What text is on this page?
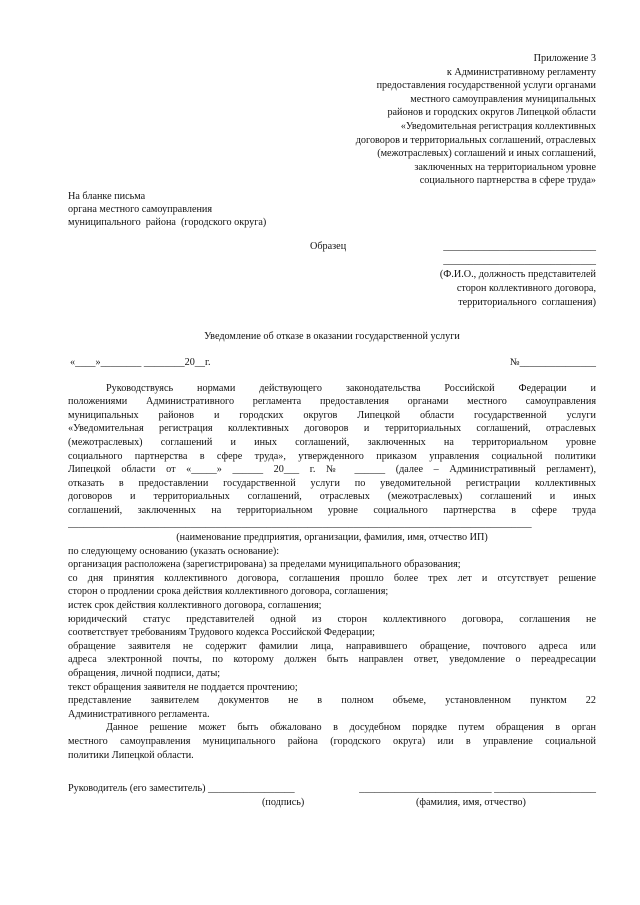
Приложение 3
к Административному регламенту
предоставления государственной услуги органами
местного самоуправления муниципальных
районов и городских округов Липецкой области
«Уведомительная регистрация коллективных
договоров и территориальных соглашений, отраслевых
(межотраслевых) соглашений и иных соглашений,
заключенных на территориальном уровне
социального партнерства в сфере труда»
На бланке письма
органа местного самоуправления
муниципального  района  (городского округа)
Образец	______________________________
______________________________
(Ф.И.О., должность представителей
сторон коллективного договора,
территориального  соглашения)
Уведомление об отказе в оказании государственной услуги
«____»________ ________20__г.	№_______________
Руководствуясь нормами действующего законодательства Российской Федерации и
положениями Административного регламента предоставления органами местного самоуправления
муниципальных районов и городских округов Липецкой области государственной услуги
«Уведомительная регистрация коллективных договоров и территориальных соглашений, отраслевых
(межотраслевых) соглашений и иных соглашений, заключенных на территориальном уровне
социального партнерства в сфере труда», утвержденного приказом управления социальной политики
Липецкой области от «_____» ______ 20___ г. № ______ (далее – Административный регламент),
отказать в предоставлении государственной услуги по уведомительной регистрации коллективных
договоров и территориальных соглашений, отраслевых (межотраслевых) соглашений и иных
соглашений, заключенных на территориальном уровне социального партнерства в сфере труда
___________________________________________________________________________________________
(наименование предприятия, организации, фамилия, имя, отчество ИП)
по следующему основанию (указать основание):
организация расположена (зарегистрирована) за пределами муниципального образования;
со дня принятия коллективного договора, соглашения прошло более трех лет и отсутствует решение
сторон о продлении срока действия коллективного договора, соглашения;
истек срок действия коллективного договора, соглашения;
юридический статус представителей одной из сторон коллективного договора, соглашения не
соответствует требованиям Трудового кодекса Российской Федерации;
обращение заявителя не содержит фамилии лица, направившего обращение, почтового адреса или
адреса электронной почты, по которому должен быть направлен ответ, уведомление о переадресации
обращения, личной подписи, даты;
текст обращения заявителя не поддается прочтению;
представление заявителем документов не в полном объеме, установленном пунктом 22
Административного регламента.
Данное решение может быть обжаловано в досудебном порядке путем обращения в орган
местного самоуправления муниципального района (городского округа) или в управление социальной
политики Липецкой области.
Руководитель (его заместитель) _________________	__________________________ ____________________
(подпись)	(фамилия, имя, отчество)
